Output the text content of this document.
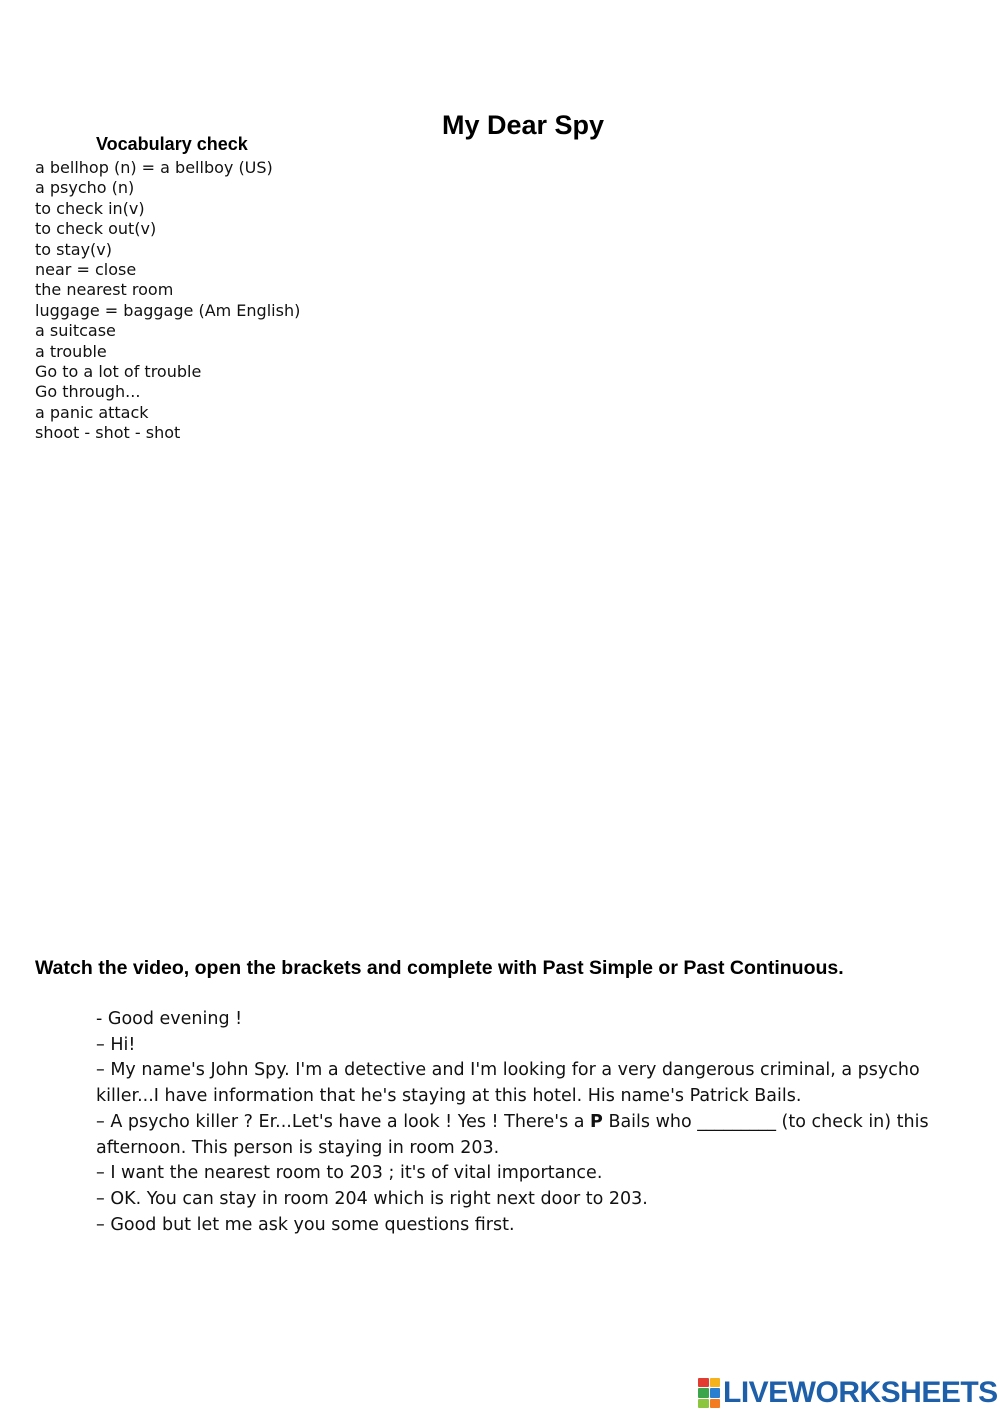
My Dear Spy
Vocabulary check
a bellhop (n) = a bellboy (US)
a psycho (n)
to check in(v)
to check out(v)
to stay(v)
near = close
the nearest room
luggage = baggage (Am English)
a suitcase
a trouble
Go to a lot of trouble
Go through...
a panic attack
shoot - shot - shot
Watch the video, open the brackets and complete with Past Simple or Past Continuous.

- Good evening !

– Hi!

– My name's John Spy. I'm a detective and I'm looking for a very dangerous criminal, a psycho killer...I have information that he's staying at this hotel. His name's Patrick Bails.

– A psycho killer ? Er...Let's have a look ! Yes ! There's a P Bails who _________ (to check in) this afternoon. This person is staying in room 203.

– I want the nearest room to 203 ; it's of vital importance.

– OK. You can stay in room 204 which is right next door to 203.

– Good but let me ask you some questions first.

LIVEWORKSHEETS
